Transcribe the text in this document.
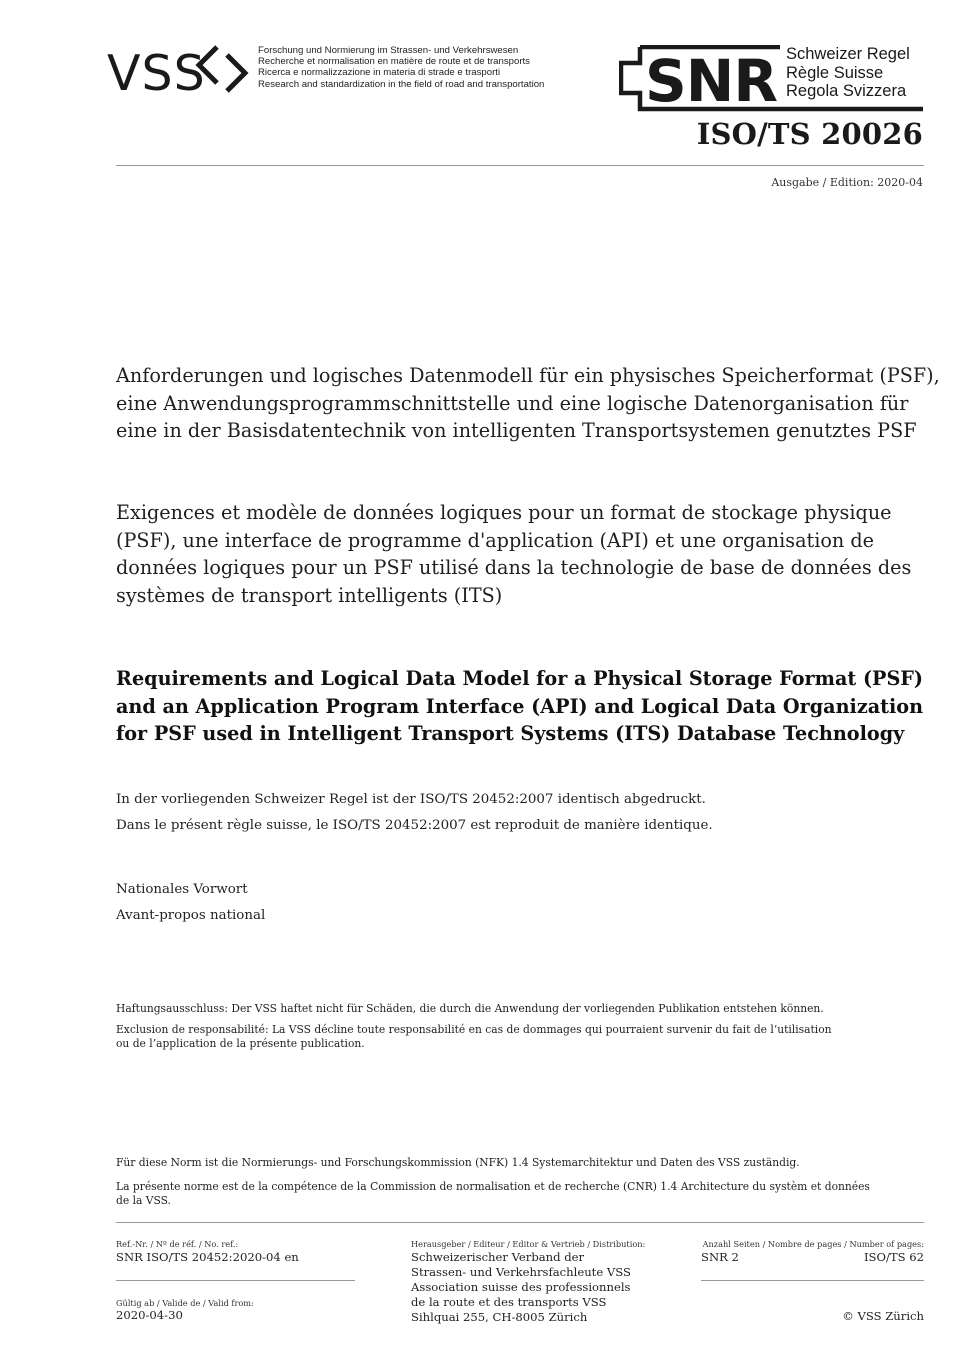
VSS	Forschung und Normierung im Strassen- und Verkehrswesen
Recherche et normalisation en matière de route et de transports
Ricerca e normalizzazione in materia di strade e trasporti
Research and standardization in the field of road and transportation SNR Schweizer Regel
Règle Suisse
Regola Svizzera
ISO/TS 20026
Ausgabe / Edition: 2020-04
Anforderungen und logisches Datenmodell für ein physisches Speicherformat (PSF),
eine Anwendungsprogrammschnittstelle und eine logische Datenorganisation für
eine in der Basisdatentechnik von intelligenten Transportsystemen genutztes PSF
Exigences et modèle de données logiques pour un format de stockage physique
(PSF), une interface de programme d'application (API) et une organisation de
données logiques pour un PSF utilisé dans la technologie de base de données des
systèmes de transport intelligents (ITS)
Requirements and Logical Data Model for a Physical Storage Format (PSF)
and an Application Program Interface (API) and Logical Data Organization
for PSF used in Intelligent Transport Systems (ITS) Database Technology
In der vorliegenden Schweizer Regel ist der ISO/TS 20452:2007 identisch abgedruckt.
Dans le présent règle suisse, le ISO/TS 20452:2007 est reproduit de manière identique.
Nationales Vorwort
Avant-propos national
Haftungsausschluss: Der VSS haftet nicht für Schäden, die durch die Anwendung der vorliegenden Publikation entstehen können.
Exclusion de responsabilité: La VSS décline toute responsabilité en cas de dommages qui pourraient survenir du fait de l’utilisation
ou de l’application de la présente publication.
Für diese Norm ist die Normierungs- und Forschungskommission (NFK) 1.4 Systemarchitektur und Daten des VSS zuständig.
La présente norme est de la compétence de la Commission de normalisation et de recherche (CNR) 1.4 Architecture du systèm et données
de la VSS.
Ref.-Nr. / Nº de réf. / No. ref.:
SNR ISO/TS 20452:2020-04 en
Gültig ab / Valide de / Valid from:
2020-04-30
Herausgeber / Editeur / Editor & Vertrieb / Distribution:
Schweizerischer Verband der
Strassen- und Verkehrsfachleute VSS
Association suisse des professionnels
de la route et des transports VSS
Sihlquai 255, CH-8005 Zürich
Anzahl Seiten / Nombre de pages / Number of pages:
SNR 2	ISO/TS 62
© VSS Zürich
